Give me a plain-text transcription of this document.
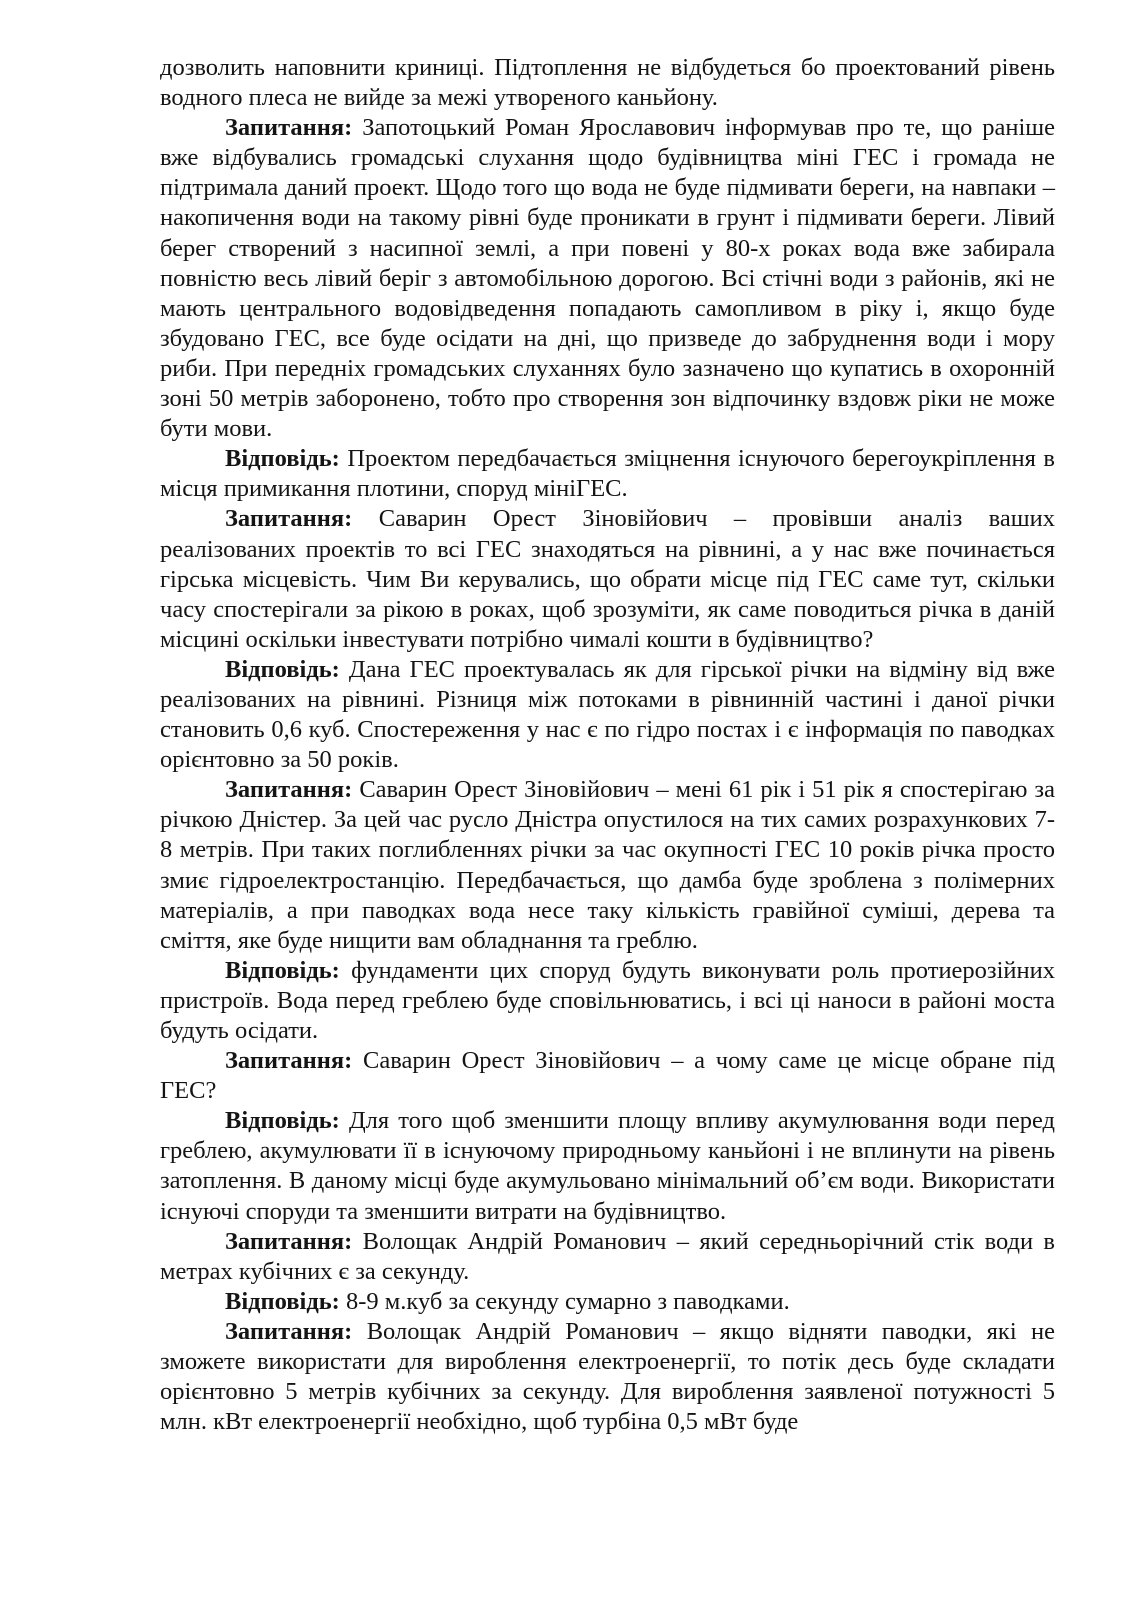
дозволить наповнити криниці. Підтоплення не відбудеться бо проектований рівень водного плеса не вийде за межі утвореного каньйону.

Запитання: Запотоцький Роман Ярославович інформував про те, що раніше вже відбувались громадські слухання щодо будівництва міні ГЕС і громада не підтримала даний проект. Щодо того що вода не буде підмивати береги, на навпаки – накопичення води на такому рівні буде проникати в грунт і підмивати береги. Лівий берег створений з насипної землі, а при повені у 80-х роках вода вже забирала повністю весь лівий беріг з автомобільною дорогою. Всі стічні води з районів, які не мають центрального водовідведення попадають самопливом в ріку і, якщо буде збудовано ГЕС, все буде осідати на дні, що призведе до забруднення води і мору риби. При передніх громадських слуханнях було зазначено що купатись в охоронній зоні 50 метрів заборонено, тобто про створення зон відпочинку вздовж ріки не може бути мови.

Відповідь: Проектом передбачається зміцнення існуючого берегоукріплення в місця примикання плотини, споруд мініГЕС.

Запитання: Саварин Орест Зіновійович – провівши аналіз ваших реалізованих проектів то всі ГЕС знаходяться на рівнині, а у нас вже починається гірська місцевість. Чим Ви керувались, що обрати місце під ГЕС саме тут, скільки часу спостерігали за рікою в роках, щоб зрозуміти, як саме поводиться річка в даній місцині оскільки інвестувати потрібно чималі кошти в будівництво?

Відповідь: Дана ГЕС проектувалась як для гірської річки на відміну від вже реалізованих на рівнині. Різниця між потоками в рівнинній частині і даної річки становить 0,6 куб. Спостереження у нас є по гідро постах і є інформація по паводках орієнтовно за 50 років.

Запитання: Саварин Орест Зіновійович – мені 61 рік і 51 рік я спостерігаю за річкою Дністер. За цей час русло Дністра опустилося на тих самих розрахункових 7-8 метрів. При таких поглибленнях річки за час окупності ГЕС 10 років річка просто змиє гідроелектростанцію. Передбачається, що дамба буде зроблена з полімерних матеріалів, а при паводках вода несе таку кількість гравійної суміші, дерева та сміття, яке буде нищити вам обладнання та греблю.

Відповідь: фундаменти цих споруд будуть виконувати роль протиерозійних пристроїв. Вода перед греблею буде сповільнюватись, і всі ці наноси в районі моста будуть осідати.

Запитання: Саварин Орест Зіновійович – а чому саме це місце обране під ГЕС?

Відповідь: Для того щоб зменшити площу впливу акумулювання води перед греблею, акумулювати її в існуючому природньому каньйоні і не вплинути на рівень затоплення. В даному місці буде акумульовано мінімальний об’єм води. Використати існуючі споруди та зменшити витрати на будівництво.

Запитання: Волощак Андрій Романович – який середньорічний стік води в метрах кубічних є за секунду.

Відповідь: 8-9 м.куб за секунду сумарно з паводками.

Запитання: Волощак Андрій Романович – якщо відняти паводки, які не зможете використати для вироблення електроенергії, то потік десь буде складати орієнтовно 5 метрів кубічних за секунду. Для вироблення заявленої потужності 5 млн. кВт електроенергії необхідно, щоб турбіна 0,5 мВт буде
